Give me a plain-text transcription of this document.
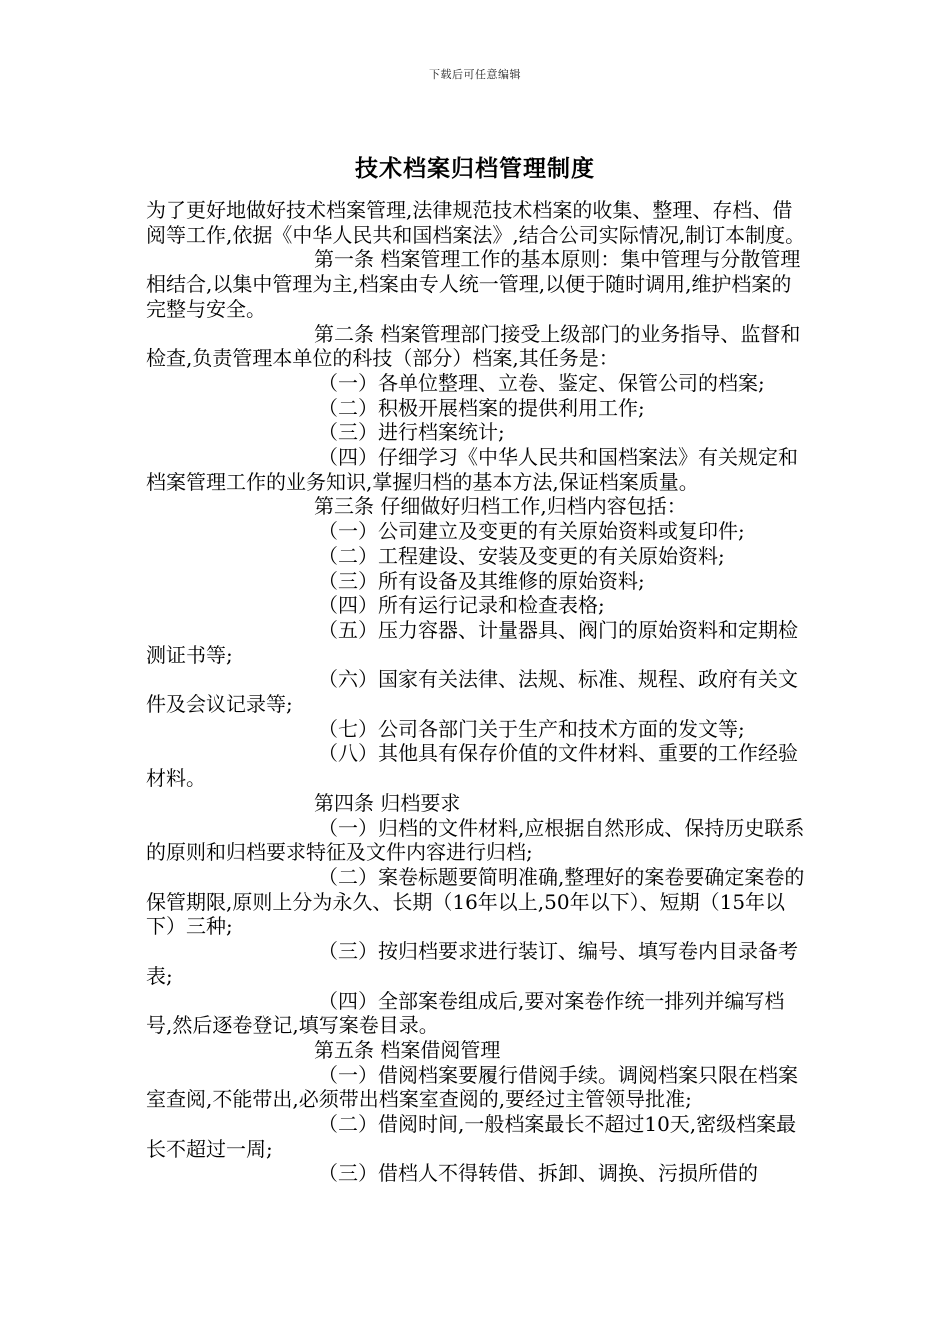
下载后可任意编辑
技术档案归档管理制度

为了更好地做好技术档案管理,法律规范技术档案的收集、整理、存档、借阅等工作,依据《中华人民共和国档案法》,结合公司实际情况,制订本制度。

第一条 档案管理工作的基本原则：集中管理与分散管理相结合,以集中管理为主,档案由专人统一管理,以便于随时调用,维护档案的完整与安全。

第二条 档案管理部门接受上级部门的业务指导、监督和检查,负责管理本单位的科技（部分）档案,其任务是：

（一）各单位整理、立卷、鉴定、保管公司的档案;

（二）积极开展档案的提供利用工作;

（三）进行档案统计;

（四）仔细学习《中华人民共和国档案法》有关规定和档案管理工作的业务知识,掌握归档的基本方法,保证档案质量。

第三条 仔细做好归档工作,归档内容包括：

（一）公司建立及变更的有关原始资料或复印件;

（二）工程建设、安装及变更的有关原始资料;

（三）所有设备及其维修的原始资料;

（四）所有运行记录和检查表格;

（五）压力容器、计量器具、阀门的原始资料和定期检测证书等;

（六）国家有关法律、法规、标准、规程、政府有关文件及会议记录等;

（七）公司各部门关于生产和技术方面的发文等;

（八）其他具有保存价值的文件材料、重要的工作经验材料。

第四条 归档要求

（一）归档的文件材料,应根据自然形成、保持历史联系的原则和归档要求特征及文件内容进行归档;

（二）案卷标题要简明准确,整理好的案卷要确定案卷的保管期限,原则上分为永久、长期（16年以上,50年以下）、短期（15年以下）三种;

（三）按归档要求进行装订、编号、填写卷内目录备考表;

（四）全部案卷组成后,要对案卷作统一排列并编写档号,然后逐卷登记,填写案卷目录。

第五条 档案借阅管理

（一）借阅档案要履行借阅手续。调阅档案只限在档案室查阅,不能带出,必须带出档案室查阅的,要经过主管领导批准;

（二）借阅时间,一般档案最长不超过10天,密级档案最长不超过一周;

（三）借档人不得转借、拆卸、调换、污损所借的
